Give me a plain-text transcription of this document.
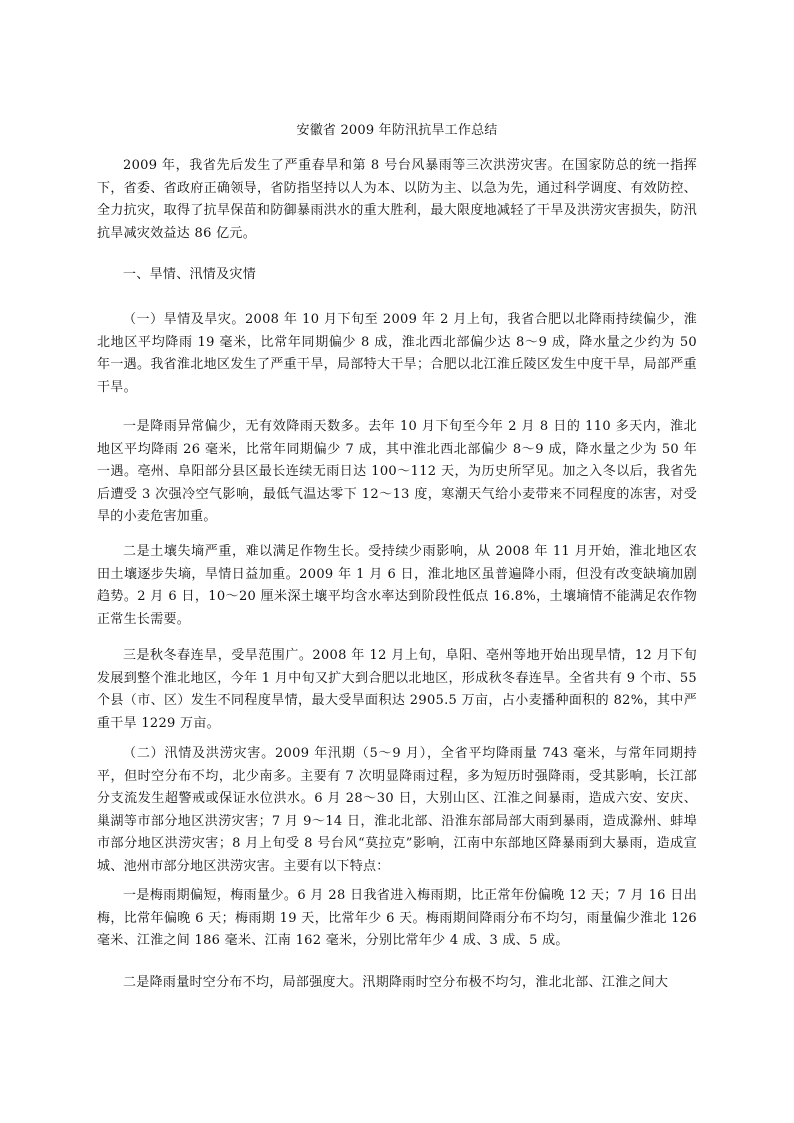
安徽省 2009 年防汛抗旱工作总结

2009 年，我省先后发生了严重春旱和第 8 号台风暴雨等三次洪涝灾害。在国家防总的统一指挥下，省委、省政府正确领导，省防指坚持以人为本、以防为主、以急为先，通过科学调度、有效防控、全力抗灾，取得了抗旱保苗和防御暴雨洪水的重大胜利，最大限度地减轻了干旱及洪涝灾害损失，防汛抗旱减灾效益达 86 亿元。

一、旱情、汛情及灾情

（一）旱情及旱灾。2008 年 10 月下旬至 2009 年 2 月上旬，我省合肥以北降雨持续偏少，淮北地区平均降雨 19 毫米，比常年同期偏少 8 成，淮北西北部偏少达 8～9 成，降水量之少约为 50 年一遇。我省淮北地区发生了严重干旱，局部特大干旱；合肥以北江淮丘陵区发生中度干旱，局部严重干旱。

一是降雨异常偏少，无有效降雨天数多。去年 10 月下旬至今年 2 月 8 日的 110 多天内，淮北地区平均降雨 26 毫米，比常年同期偏少 7 成，其中淮北西北部偏少 8～9 成，降水量之少为 50 年一遇。亳州、阜阳部分县区最长连续无雨日达 100～112 天，为历史所罕见。加之入冬以后，我省先后遭受 3 次强冷空气影响，最低气温达零下 12～13 度，寒潮天气给小麦带来不同程度的冻害，对受旱的小麦危害加重。

二是土壤失墒严重，难以满足作物生长。受持续少雨影响，从 2008 年 11 月开始，淮北地区农田土壤逐步失墒，旱情日益加重。2009 年 1 月 6 日，淮北地区虽普遍降小雨，但没有改变缺墒加剧趋势。2 月 6 日，10～20 厘米深土壤平均含水率达到阶段性低点 16.8%，土壤墒情不能满足农作物正常生长需要。

三是秋冬春连旱，受旱范围广。2008 年 12 月上旬，阜阳、亳州等地开始出现旱情，12 月下旬发展到整个淮北地区，今年 1 月中旬又扩大到合肥以北地区，形成秋冬春连旱。全省共有 9 个市、55 个县（市、区）发生不同程度旱情，最大受旱面积达 2905.5 万亩，占小麦播种面积的 82%，其中严重干旱 1229 万亩。

（二）汛情及洪涝灾害。2009 年汛期（5～9 月），全省平均降雨量 743 毫米，与常年同期持平，但时空分布不均，北少南多。主要有 7 次明显降雨过程，多为短历时强降雨，受其影响，长江部分支流发生超警戒或保证水位洪水。6 月 28～30 日，大别山区、江淮之间暴雨，造成六安、安庆、巢湖等市部分地区洪涝灾害；7 月 9～14 日，淮北北部、沿淮东部局部大雨到暴雨，造成滁州、蚌埠市部分地区洪涝灾害；8 月上旬受 8 号台风“莫拉克”影响，江南中东部地区降暴雨到大暴雨，造成宣城、池州市部分地区洪涝灾害。主要有以下特点：

一是梅雨期偏短，梅雨量少。6 月 28 日我省进入梅雨期，比正常年份偏晚 12 天；7 月 16 日出梅，比常年偏晚 6 天；梅雨期 19 天，比常年少 6 天。梅雨期间降雨分布不均匀，雨量偏少淮北 126 毫米、江淮之间 186 毫米、江南 162 毫米，分别比常年少 4 成、3 成、5 成。

二是降雨量时空分布不均，局部强度大。汛期降雨时空分布极不均匀，淮北北部、江淮之间大
